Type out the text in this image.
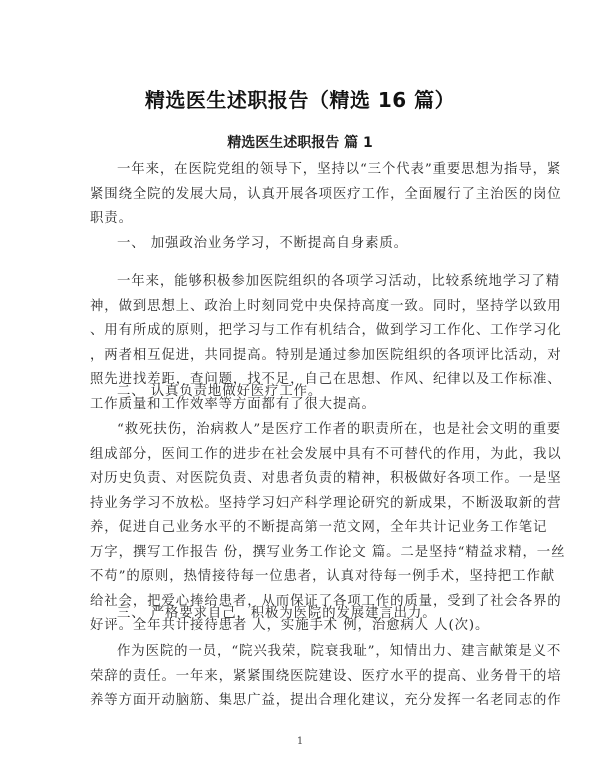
精选医生述职报告（精选 16 篇）
精选医生述职报告 篇 1
一年来，在医院党组的领导下，坚持以“三个代表”重要思想为指导，紧
紧围绕全院的发展大局，认真开展各项医疗工作，全面履行了主治医的岗位
职责。
一、 加强政治业务学习，不断提高自身素质。
一年来，能够积极参加医院组织的各项学习活动，比较系统地学习了精
神，做到思想上、政治上时刻同党中央保持高度一致。同时，坚持学以致用
、用有所成的原则，把学习与工作有机结合，做到学习工作化、工作学习化
，两者相互促进，共同提高。特别是通过参加医院组织的各项评比活动，对
照先进找差距，查问题，找不足，自己在思想、作风、纪律以及工作标准、
工作质量和工作效率等方面都有了很大提高。
二、 认真负责地做好医疗工作。
“救死扶伤，治病救人”是医疗工作者的职责所在，也是社会文明的重要
组成部分，医间工作的进步在社会发展中具有不可替代的作用，为此，我以
对历史负责、对医院负责、对患者负责的精神，积极做好各项工作。一是坚
持业务学习不放松。坚持学习妇产科学理论研究的新成果，不断汲取新的营
养，促进自己业务水平的不断提高第一范文网，全年共计记业务工作笔记
万字，撰写工作报告 份，撰写业务工作论文 篇。二是坚持“精益求精，一丝
不苟”的原则，热情接待每一位患者，认真对待每一例手术，坚持把工作献
给社会，把爱心捧给患者，从而保证了各项工作的质量，受到了社会各界的
好评。全年共计接待患者 人，实施手术 例，治愈病人 人(次)。
三、 严格要求自己，积极为医院的发展建言出力。
作为医院的一员，“院兴我荣，院衰我耻”，知情出力、建言献策是义不
荣辞的责任。一年来，紧紧围绕医院建设、医疗水平的提高、业务骨干的培
养等方面开动脑筋、集思广益，提出合理化建议，充分发挥一名老同志的作
1
